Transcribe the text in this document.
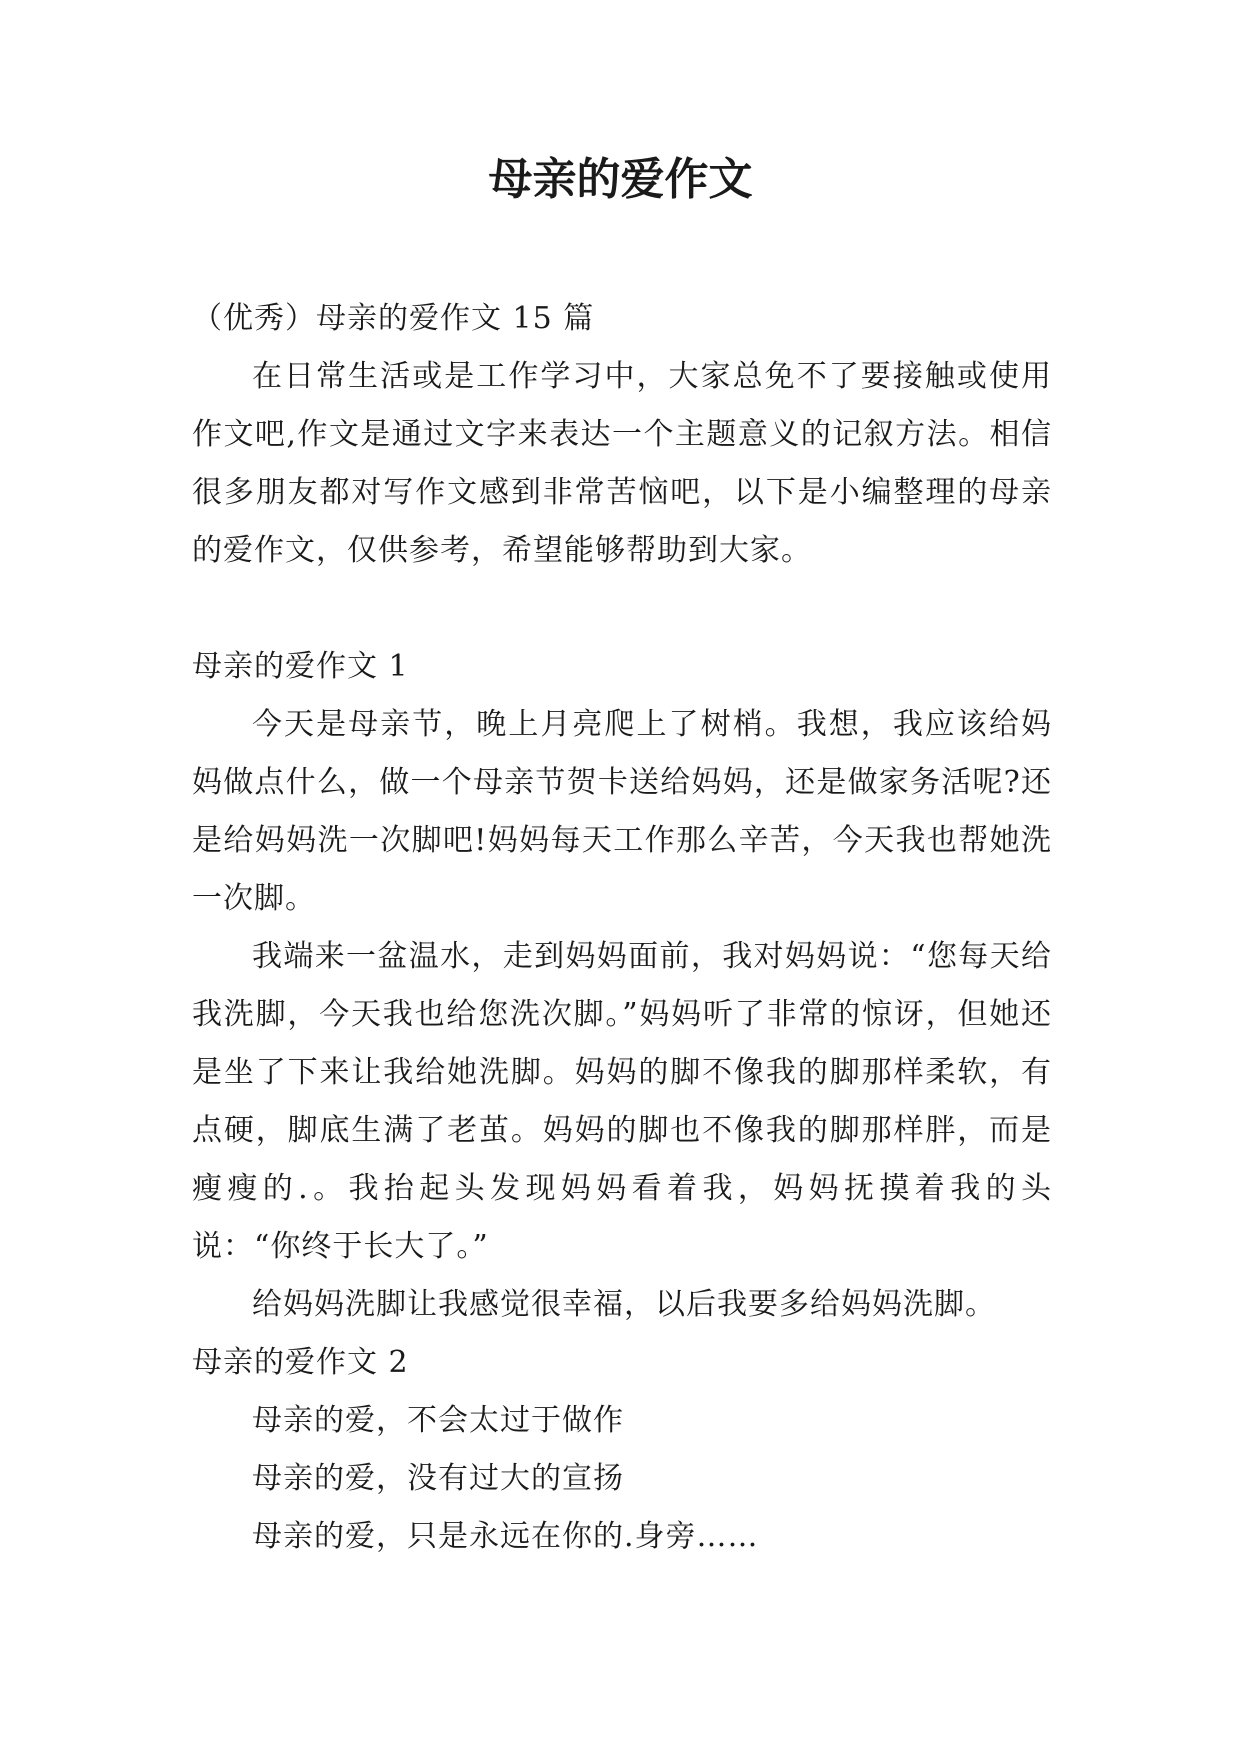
母亲的爱作文

（优秀）母亲的爱作文 15 篇

在日常生活或是工作学习中，大家总免不了要接触或使用作文吧,作文是通过文字来表达一个主题意义的记叙方法。相信很多朋友都对写作文感到非常苦恼吧，以下是小编整理的母亲的爱作文，仅供参考，希望能够帮助到大家。

母亲的爱作文 1

今天是母亲节，晚上月亮爬上了树梢。我想，我应该给妈妈做点什么，做一个母亲节贺卡送给妈妈，还是做家务活呢?还是给妈妈洗一次脚吧!妈妈每天工作那么辛苦，今天我也帮她洗一次脚。

我端来一盆温水，走到妈妈面前，我对妈妈说：“您每天给我洗脚，今天我也给您洗次脚。”妈妈听了非常的惊讶，但她还是坐了下来让我给她洗脚。妈妈的脚不像我的脚那样柔软，有点硬，脚底生满了老茧。妈妈的脚也不像我的脚那样胖，而是瘦瘦的.。我抬起头发现妈妈看着我，妈妈抚摸着我的头说：“你终于长大了。”

给妈妈洗脚让我感觉很幸福，以后我要多给妈妈洗脚。

母亲的爱作文 2

母亲的爱，不会太过于做作

母亲的爱，没有过大的宣扬

母亲的爱，只是永远在你的.身旁……
